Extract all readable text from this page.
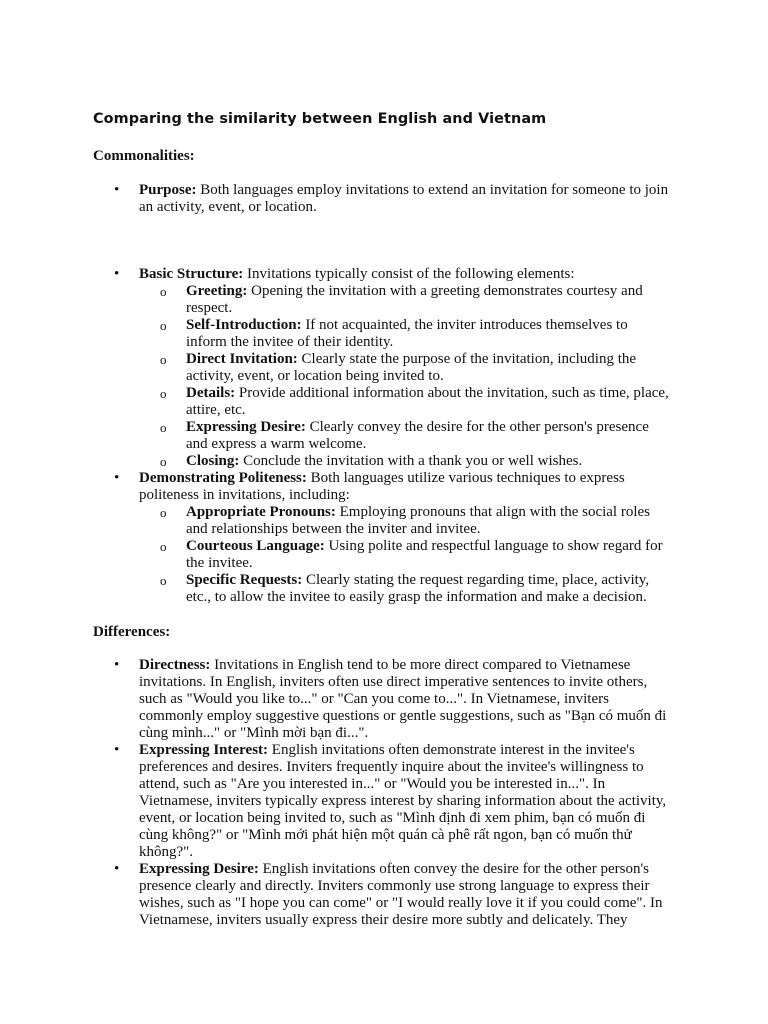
Comparing the similarity between English and Vietnam
Commonalities:
• Purpose: Both languages employ invitations to extend an invitation for someone to join an activity, event, or location.
• Basic Structure: Invitations typically consist of the following elements:
o Greeting: Opening the invitation with a greeting demonstrates courtesy and respect.
o Self-Introduction: If not acquainted, the inviter introduces themselves to inform the invitee of their identity.
o Direct Invitation: Clearly state the purpose of the invitation, including the activity, event, or location being invited to.
o Details: Provide additional information about the invitation, such as time, place, attire, etc.
o Expressing Desire: Clearly convey the desire for the other person's presence and express a warm welcome.
o Closing: Conclude the invitation with a thank you or well wishes.
• Demonstrating Politeness: Both languages utilize various techniques to express politeness in invitations, including:
o Appropriate Pronouns: Employing pronouns that align with the social roles and relationships between the inviter and invitee.
o Courteous Language: Using polite and respectful language to show regard for the invitee.
o Specific Requests: Clearly stating the request regarding time, place, activity, etc., to allow the invitee to easily grasp the information and make a decision.
Differences:
• Directness: Invitations in English tend to be more direct compared to Vietnamese invitations. In English, inviters often use direct imperative sentences to invite others, such as "Would you like to..." or "Can you come to...". In Vietnamese, inviters commonly employ suggestive questions or gentle suggestions, such as "Bạn có muốn đi cùng mình..." or "Mình mời bạn đi...".
• Expressing Interest: English invitations often demonstrate interest in the invitee's preferences and desires. Inviters frequently inquire about the invitee's willingness to attend, such as "Are you interested in..." or "Would you be interested in...". In Vietnamese, inviters typically express interest by sharing information about the activity, event, or location being invited to, such as "Mình định đi xem phim, bạn có muốn đi cùng không?" or "Mình mới phát hiện một quán cà phê rất ngon, bạn có muốn thử không?".
• Expressing Desire: English invitations often convey the desire for the other person's presence clearly and directly. Inviters commonly use strong language to express their wishes, such as "I hope you can come" or "I would really love it if you could come". In Vietnamese, inviters usually express their desire more subtly and delicately. They
